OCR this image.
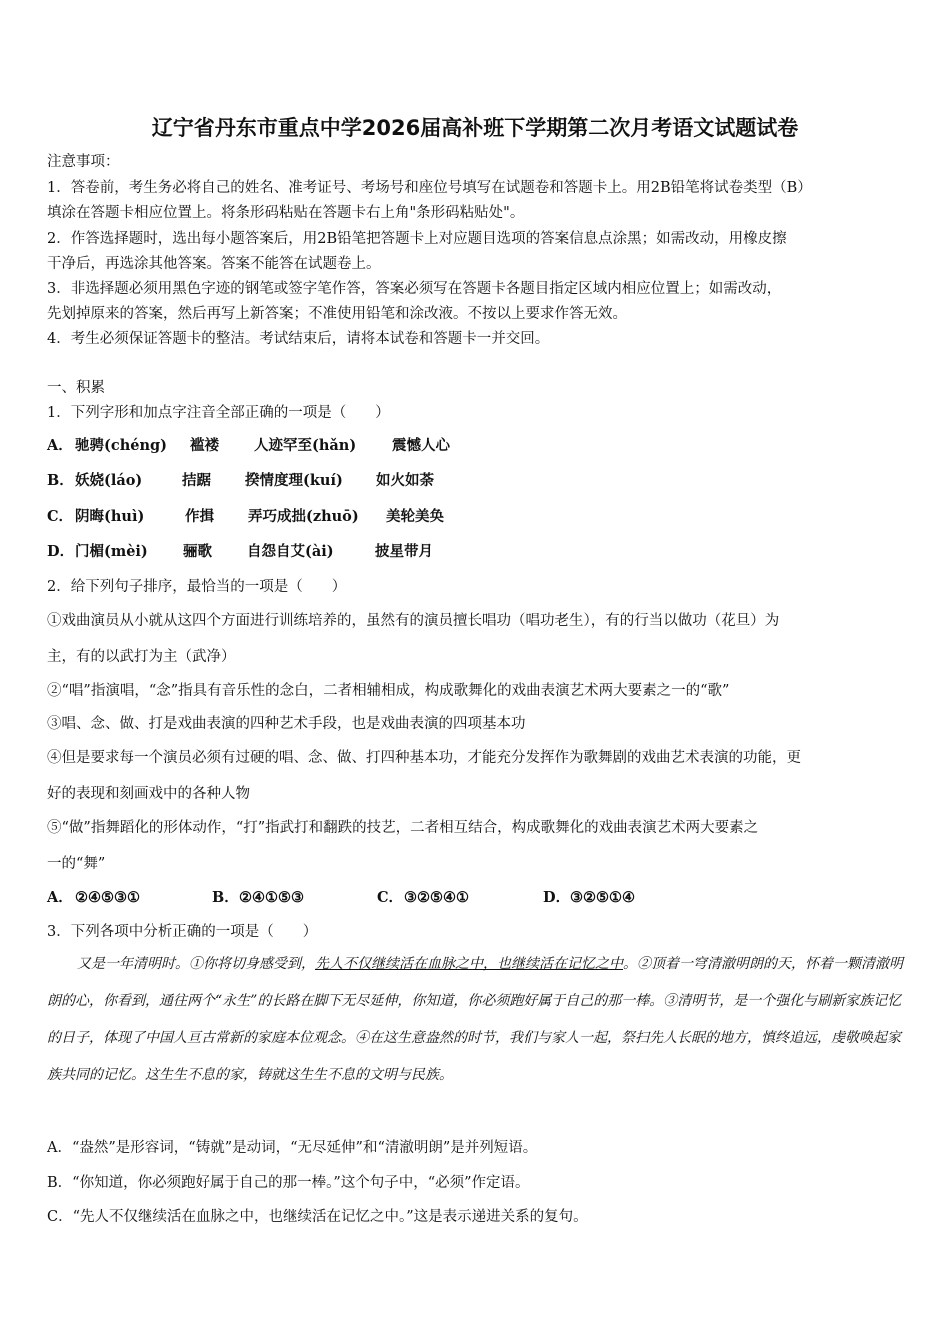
辽宁省丹东市重点中学2026届高补班下学期第二次月考语文试题试卷
注意事项：
1．答卷前，考生务必将自己的姓名、准考证号、考场号和座位号填写在试题卷和答题卡上。用2B铅笔将试卷类型（B）
填涂在答题卡相应位置上。将条形码粘贴在答题卡右上角"条形码粘贴处"。
2．作答选择题时，选出每小题答案后，用2B铅笔把答题卡上对应题目选项的答案信息点涂黑；如需改动，用橡皮擦
干净后，再选涂其他答案。答案不能答在试题卷上。
3．非选择题必须用黑色字迹的钢笔或签字笔作答，答案必须写在答题卡各题目指定区域内相应位置上；如需改动，
先划掉原来的答案，然后再写上新答案；不准使用铅笔和涂改液。不按以上要求作答无效。
4．考生必须保证答题卡的整洁。考试结束后，请将本试卷和答题卡一并交回。
一、积累
1．下列字形和加点字注音全部正确的一项是（　　）
A． 驰骋(chéng) 褴褛 人迹罕至(hǎn) 震憾人心
B． 妖娆(láo)	拮踞 揆情度理(kuí) 如火如荼
C． 阴晦(huì)	作揖 弄巧成拙(zhuō) 美轮美奂
D． 门楣(mèi) 骊歌 自怨自艾(ài)	披星带月
2．给下列句子排序，最恰当的一项是（　　）
①戏曲演员从小就从这四个方面进行训练培养的，虽然有的演员擅长唱功（唱功老生），有的行当以做功（花旦）为
主，有的以武打为主（武净）
②“唱”指演唱，“念”指具有音乐性的念白，二者相辅相成，构成歌舞化的戏曲表演艺术两大要素之一的“歌”
③唱、念、做、打是戏曲表演的四种艺术手段，也是戏曲表演的四项基本功
④但是要求每一个演员必须有过硬的唱、念、做、打四种基本功，才能充分发挥作为歌舞剧的戏曲艺术表演的功能，更
好的表现和刻画戏中的各种人物
⑤“做”指舞蹈化的形体动作，“打”指武打和翻跌的技艺，二者相互结合，构成歌舞化的戏曲表演艺术两大要素之
一的“舞”
A． ②④⑤③①	B． ②④①⑤③	C． ③②⑤④①	D． ③②⑤①④
3．下列各项中分析正确的一项是（　　）
又是一年清明时。①你将切身感受到，先人不仅继续活在血脉之中，也继续活在记忆之中。②顶着一穹清澈明朗的天，怀着一颗清澈明朗的心，你看到，通往两个“永生”的长路在脚下无尽延伸，你知道，你必须跑好属于自己的那一棒。③清明节，是一个强化与刷新家族记忆的日子，体现了中国人亘古常新的家庭本位观念。④在这生意盎然的时节，我们与家人一起，祭扫先人长眠的地方，慎终追远，虔敬唤起家族共同的记忆。这生生不息的家，铸就这生生不息的文明与民族。
A．“盎然”是形容词，“铸就”是动词，“无尽延伸”和“清澈明朗”是并列短语。
B．“你知道，你必须跑好属于自己的那一棒。”这个句子中，“必须”作定语。
C．“先人不仅继续活在血脉之中，也继续活在记忆之中。”这是表示递进关系的复句。
